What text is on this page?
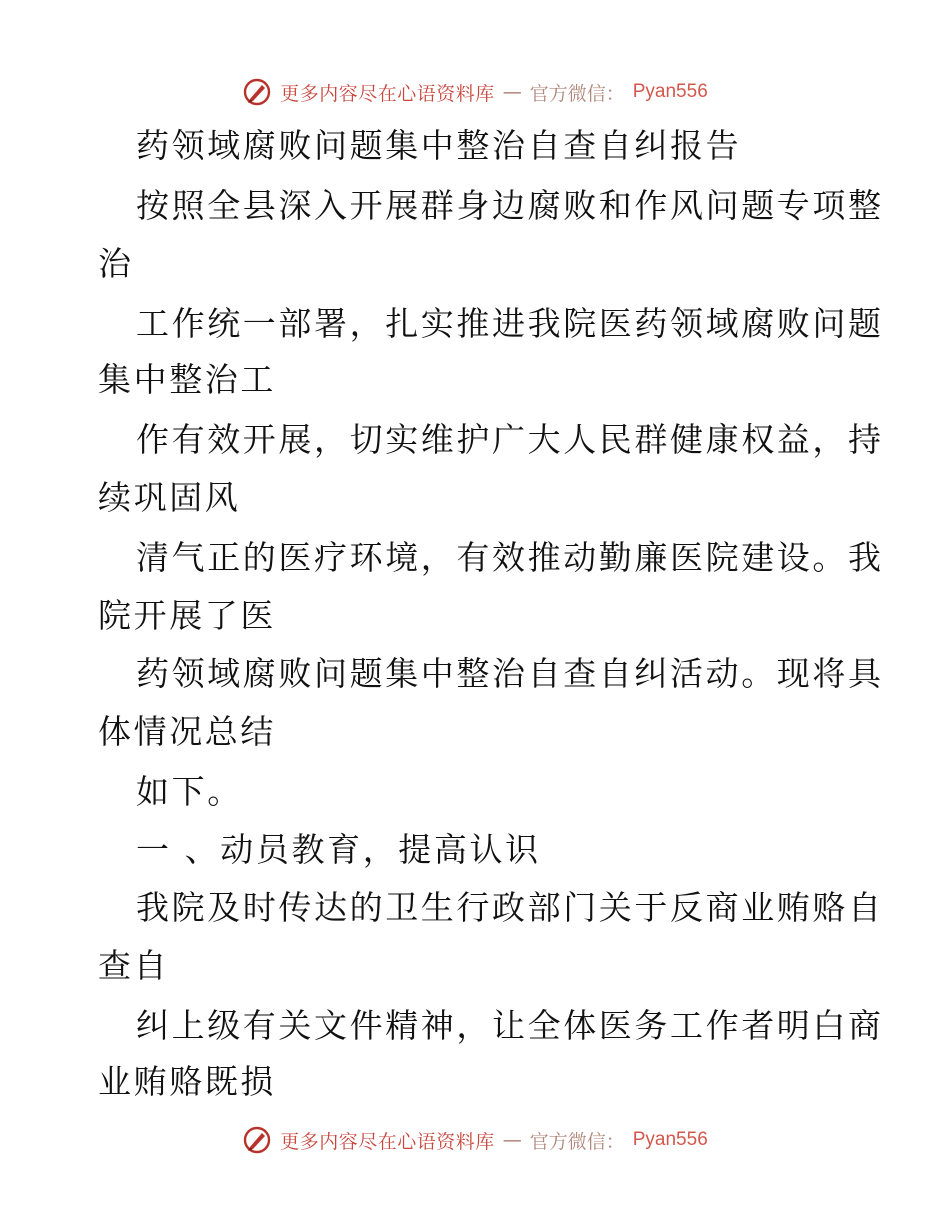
更多内容尽在心语资料库 — 官方微信： Pyan556
药领域腐败问题集中整治自查自纠报告
按照全县深入开展群身边腐败和作风问题专项整
治
工作统一部署，扎实推进我院医药领域腐败问题
集中整治工
作有效开展，切实维护广大人民群健康权益，持
续巩固风
清气正的医疗环境，有效推动勤廉医院建设。我
院开展了医
药领域腐败问题集中整治自查自纠活动。现将具
体情况总结
如下。
一 、动员教育，提高认识
我院及时传达的卫生行政部门关于反商业贿赂自
查自
纠上级有关文件精神，让全体医务工作者明白商
业贿赂既损
更多内容尽在心语资料库 — 官方微信： Pyan556
